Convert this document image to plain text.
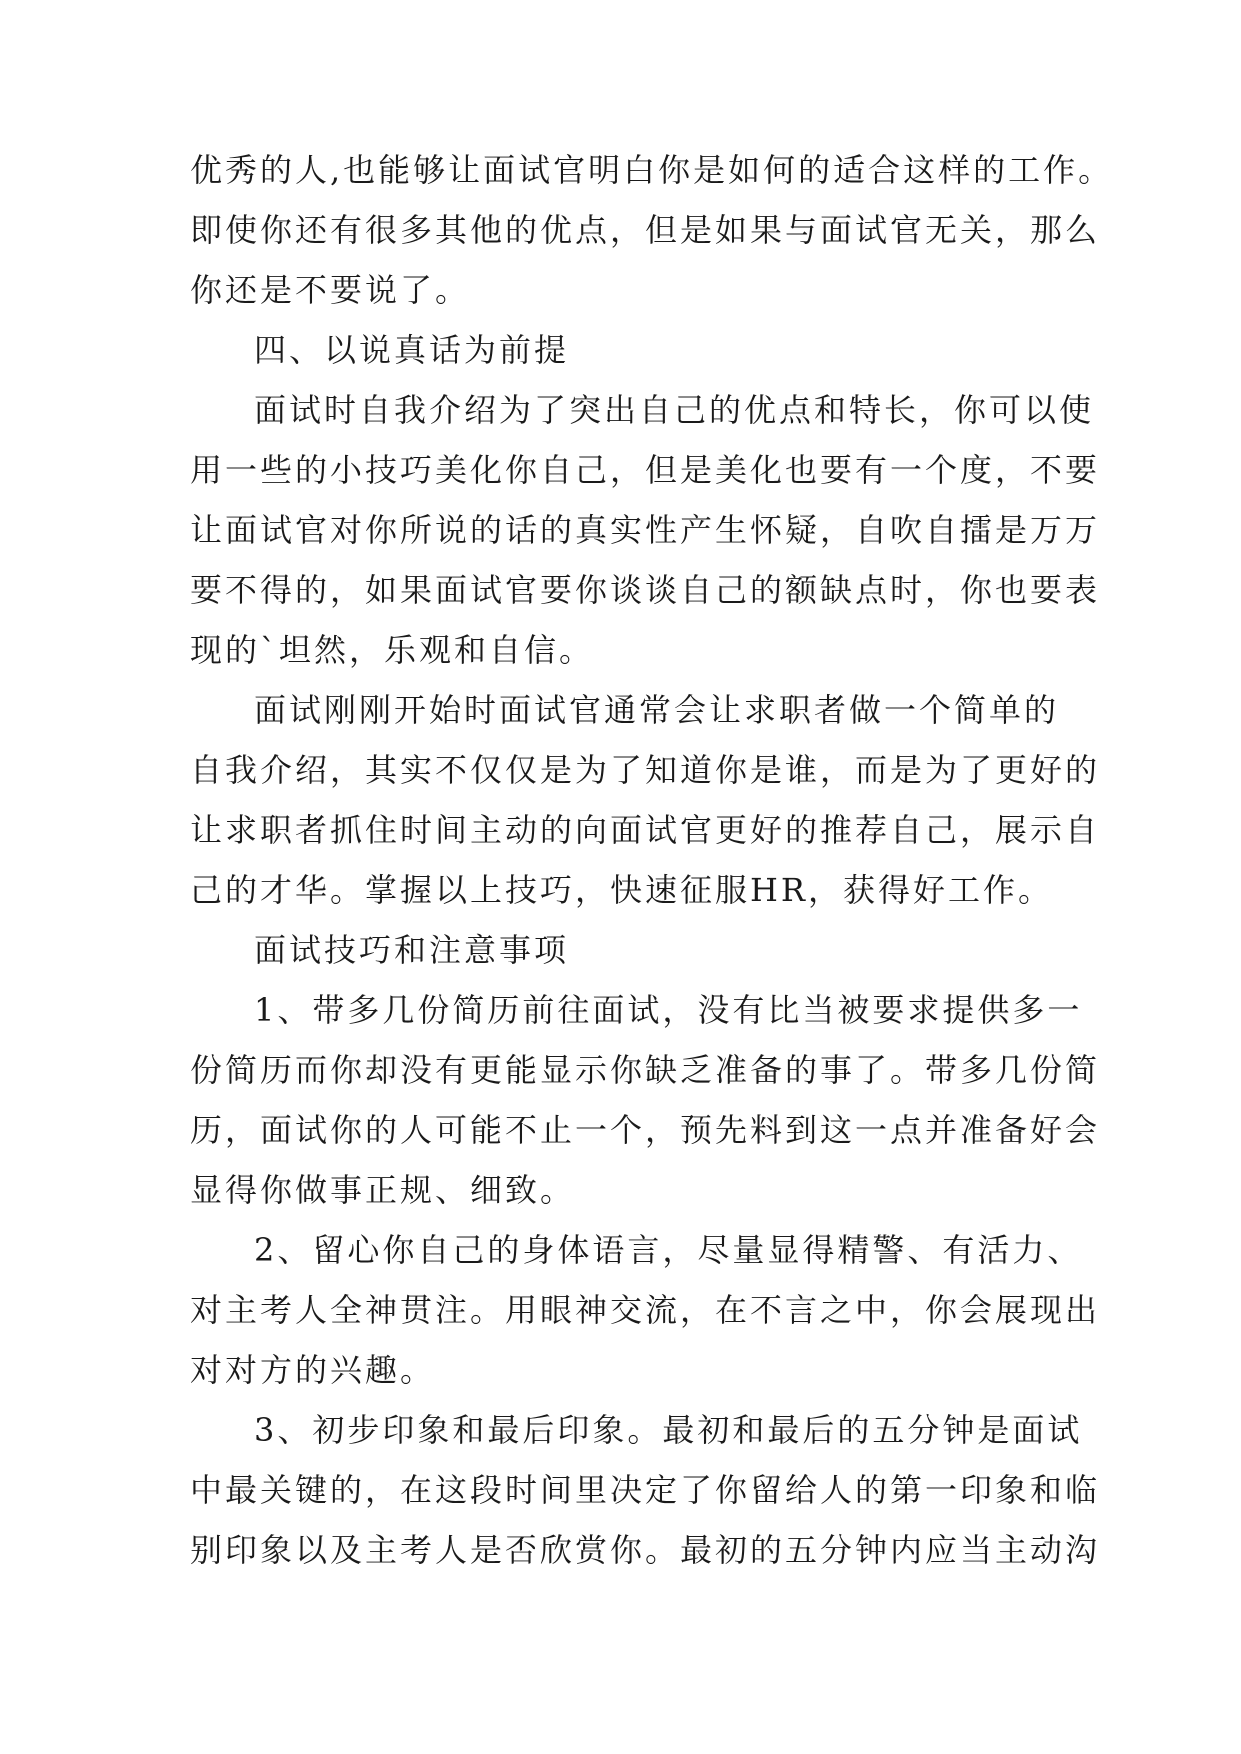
优秀的人,也能够让面试官明白你是如何的适合这样的工作。
即使你还有很多其他的优点，但是如果与面试官无关，那么
你还是不要说了。
四、以说真话为前提
面试时自我介绍为了突出自己的优点和特长，你可以使
用一些的小技巧美化你自己，但是美化也要有一个度，不要
让面试官对你所说的话的真实性产生怀疑，自吹自擂是万万
要不得的，如果面试官要你谈谈自己的额缺点时，你也要表
现的`坦然，乐观和自信。
面试刚刚开始时面试官通常会让求职者做一个简单的
自我介绍，其实不仅仅是为了知道你是谁，而是为了更好的
让求职者抓住时间主动的向面试官更好的推荐自己，展示自
己的才华。掌握以上技巧，快速征服HR，获得好工作。
面试技巧和注意事项
1、带多几份简历前往面试，没有比当被要求提供多一
份简历而你却没有更能显示你缺乏准备的事了。带多几份简
历，面试你的人可能不止一个，预先料到这一点并准备好会
显得你做事正规、细致。
2、留心你自己的身体语言，尽量显得精警、有活力、
对主考人全神贯注。用眼神交流，在不言之中，你会展现出
对对方的兴趣。
3、初步印象和最后印象。最初和最后的五分钟是面试
中最关键的，在这段时间里决定了你留给人的第一印象和临
别印象以及主考人是否欣赏你。最初的五分钟内应当主动沟
